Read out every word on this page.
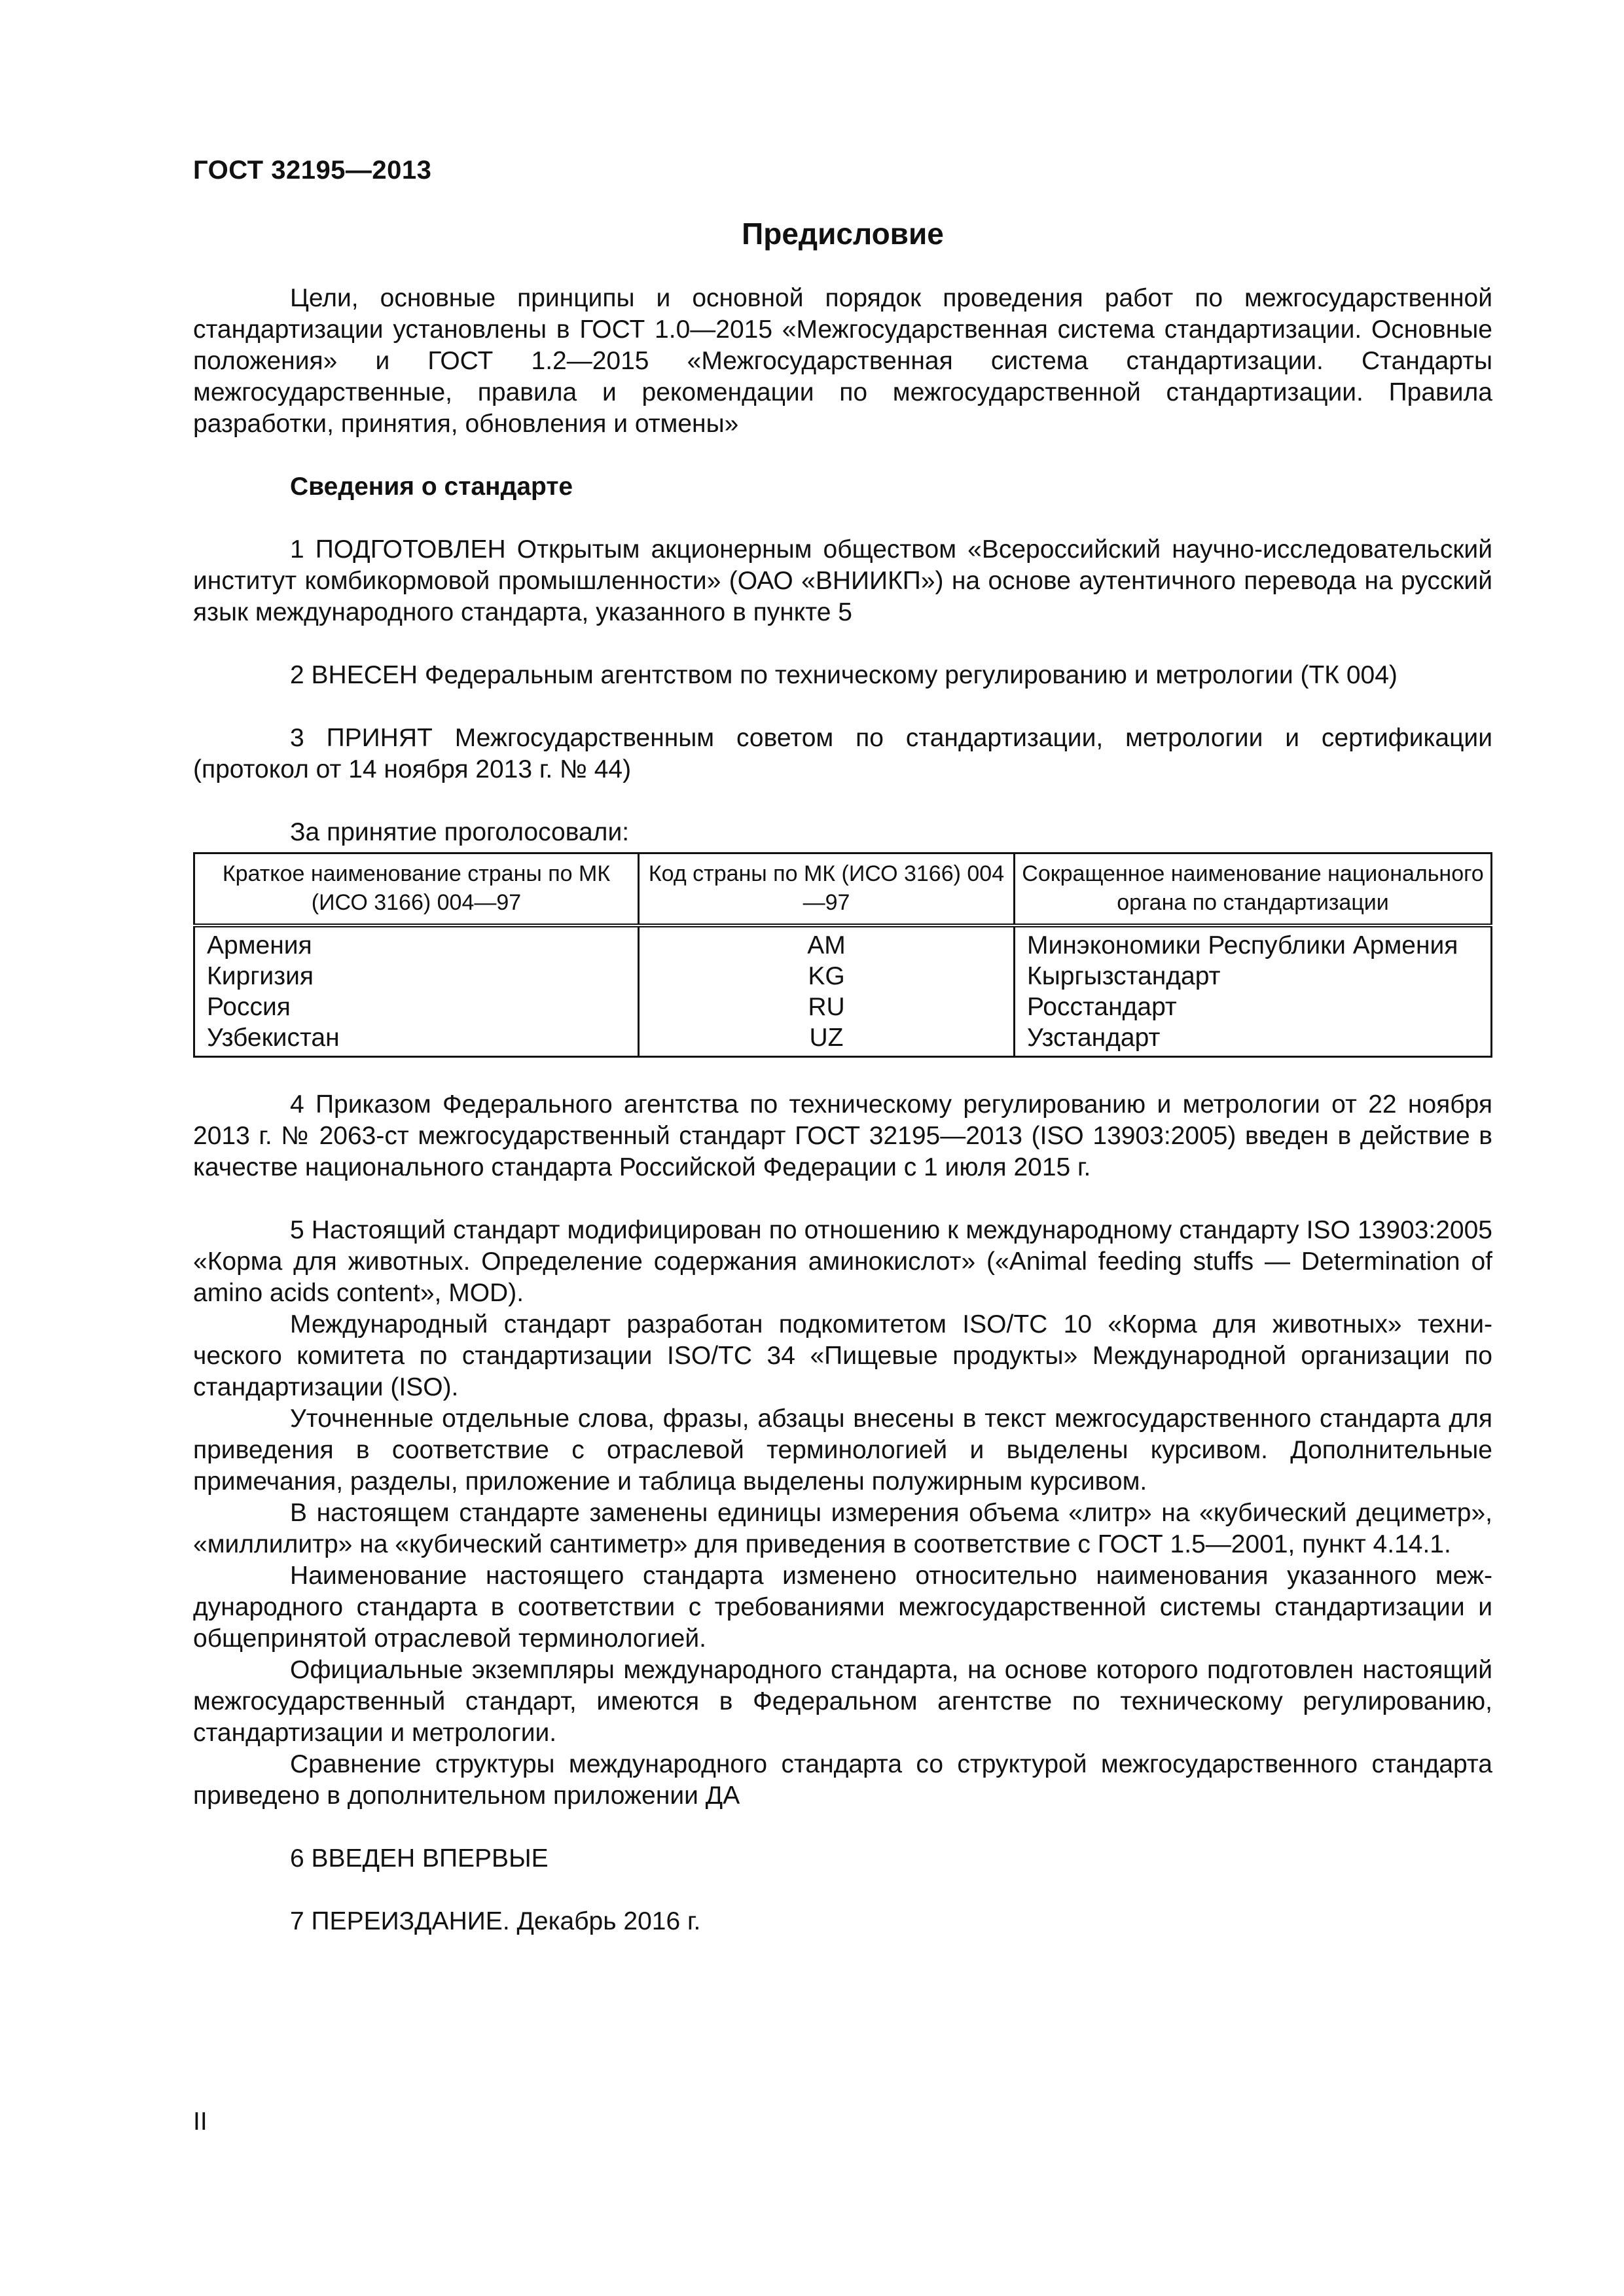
ГОСТ 32195—2013
Предисловие

Цели, основные принципы и основной порядок проведения работ по межгосударственной стандартизации установлены в ГОСТ 1.0—2015 «Межгосударственная система стандартизации. Основные положения» и ГОСТ 1.2—2015 «Межгосударственная система стандартизации. Стандарты межгосударственные, правила и рекомендации по межгосударственной стандартизации. Правила разработки, принятия, обновления и отмены»

Сведения о стандарте

1 ПОДГОТОВЛЕН Открытым акционерным обществом «Всероссийский научно-исследовательский институт комбикормовой промышленности» (ОАО «ВНИИКП») на основе аутентичного перевода на русский язык международного стандарта, указанного в пункте 5

2 ВНЕСЕН Федеральным агентством по техническому регулированию и метрологии (ТК 004)

3 ПРИНЯТ Межгосударственным советом по стандартизации, метрологии и сертификации (протокол от 14 ноября 2013 г. № 44)

За принятие проголосовали:

Краткое наименование страны по МК (ИСО 3166) 004—97	Код страны по МК (ИСО 3166) 004—97	Сокращенное наименование национального органа по стандартизации
Армения	AM	Минэкономики Республики Армения
Киргизия	KG	Кыргызстандарт
Россия	RU	Росстандарт
Узбекистан	UZ	Узстандарт

4 Приказом Федерального агентства по техническому регулированию и метрологии от 22 ноября 2013 г. № 2063-ст межгосударственный стандарт ГОСТ 32195—2013 (ISO 13903:2005) введен в действие в качестве национального стандарта Российской Федерации с 1 июля 2015 г.

5 Настоящий стандарт модифицирован по отношению к международному стандарту ISO 13903:2005 «Корма для животных. Определение содержания аминокислот» («Animal feeding stuffs — Determination of amino acids content», MOD).

Международный стандарт разработан подкомитетом ISO/TC 10 «Корма для животных» технического комитета по стандартизации ISO/TC 34 «Пищевые продукты» Международной организации по стандартизации (ISO).

Уточненные отдельные слова, фразы, абзацы внесены в текст межгосударственного стандарта для приведения в соответствие с отраслевой терминологией и выделены курсивом. Дополнительные примечания, разделы, приложение и таблица выделены полужирным курсивом.

В настоящем стандарте заменены единицы измерения объема «литр» на «кубический дециметр», «миллилитр» на «кубический сантиметр» для приведения в соответствие с ГОСТ 1.5—2001, пункт 4.14.1.

Наименование настоящего стандарта изменено относительно наименования указанного международного стандарта в соответствии с требованиями межгосударственной системы стандартизации и общепринятой отраслевой терминологией.

Официальные экземпляры международного стандарта, на основе которого подготовлен настоящий межгосударственный стандарт, имеются в Федеральном агентстве по техническому регулированию, стандартизации и метрологии.

Сравнение структуры международного стандарта со структурой межгосударственного стандарта приведено в дополнительном приложении ДА

6 ВВЕДЕН ВПЕРВЫЕ

7 ПЕРЕИЗДАНИЕ. Декабрь 2016 г.

II
